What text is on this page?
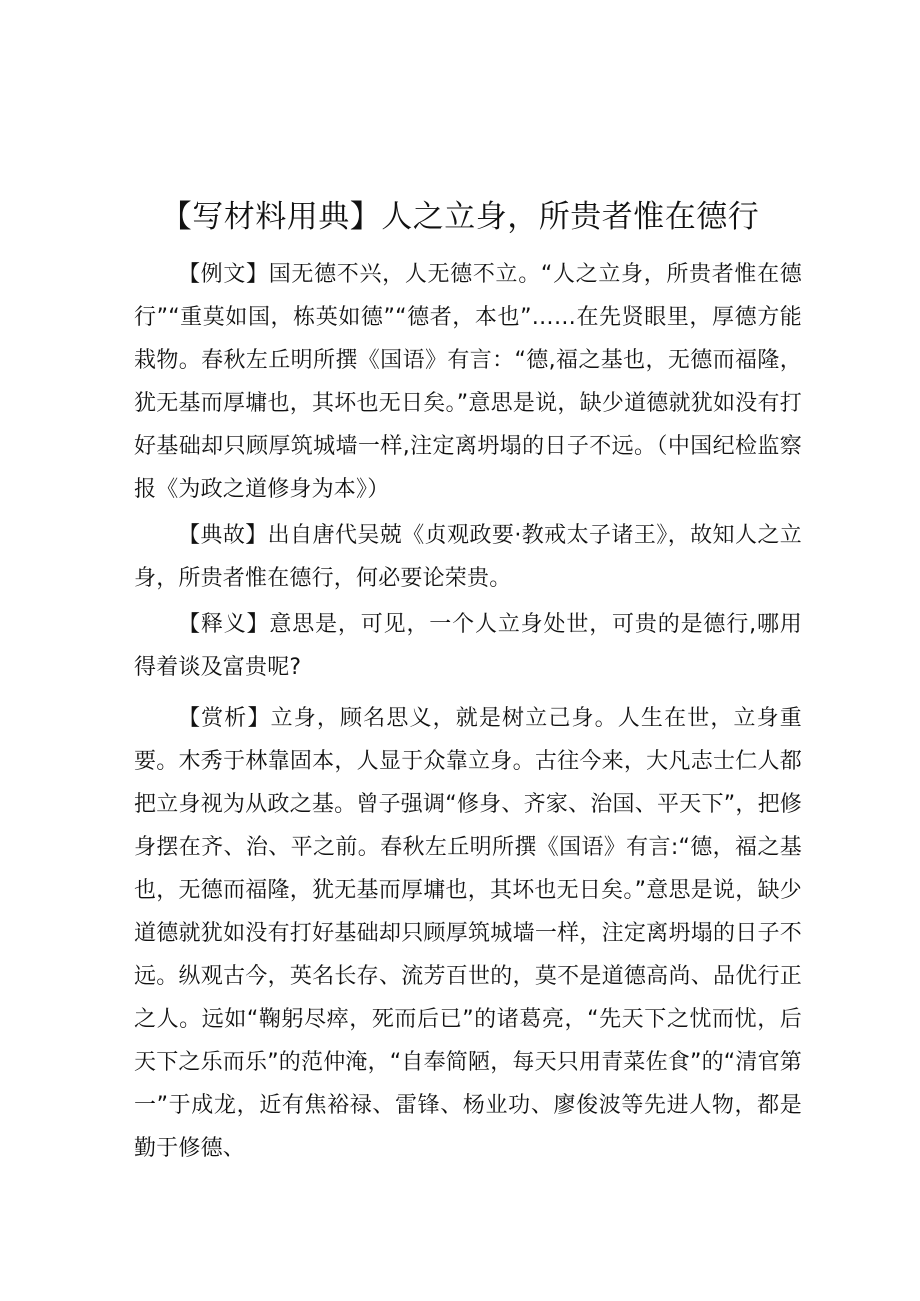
【写材料用典】人之立身，所贵者惟在德行

【例文】国无德不兴，人无德不立。“人之立身，所贵者惟在德行”“重莫如国，栋英如德”“德者，本也”……在先贤眼里，厚德方能栽物。春秋左丘明所撰《国语》有言：“德,福之基也，无德而福隆，犹无基而厚墉也，其坏也无日矣。”意思是说，缺少道德就犹如没有打好基础却只顾厚筑城墙一样,注定离坍塌的日子不远。（中国纪检监察报《为政之道修身为本》）

【典故】出自唐代吴兢《贞观政要·教戒太子诸王》，故知人之立身，所贵者惟在德行，何必要论荣贵。

【释义】意思是，可见，一个人立身处世，可贵的是德行,哪用得着谈及富贵呢?

【赏析】立身，顾名思义，就是树立己身。人生在世，立身重要。木秀于林靠固本，人显于众靠立身。古往今来，大凡志士仁人都把立身视为从政之基。曾子强调“修身、齐家、治国、平天下”，把修身摆在齐、治、平之前。春秋左丘明所撰《国语》有言:“德，福之基也，无德而福隆，犹无基而厚墉也，其坏也无日矣。”意思是说，缺少道德就犹如没有打好基础却只顾厚筑城墙一样，注定离坍塌的日子不远。纵观古今，英名长存、流芳百世的，莫不是道德高尚、品优行正之人。远如“鞠躬尽瘁，死而后已”的诸葛亮，“先天下之忧而忧，后天下之乐而乐”的范仲淹，“自奉简陋，每天只用青菜佐食”的“清官第一”于成龙，近有焦裕禄、雷锋、杨业功、廖俊波等先进人物，都是勤于修德、
